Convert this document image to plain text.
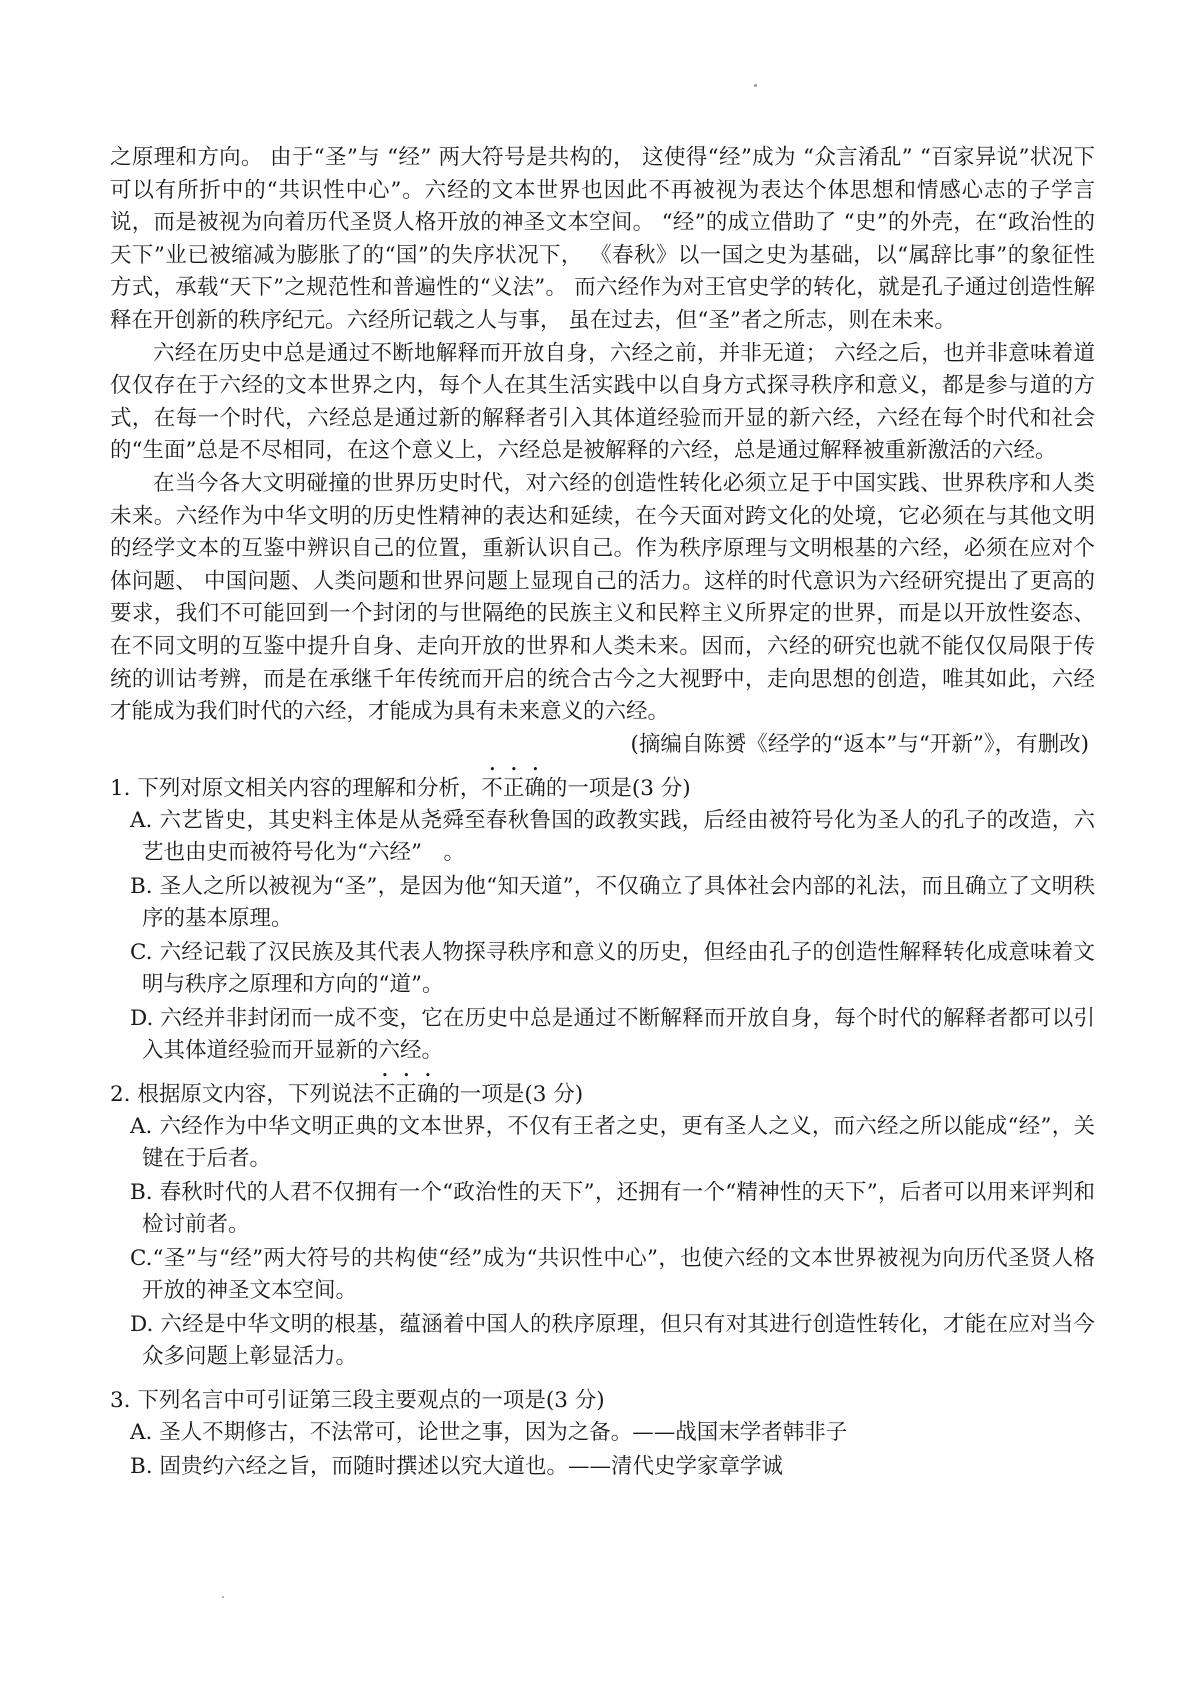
之原理和方向。 由于“圣”与 “经” 两大符号是共构的， 这使得“经”成为 “众言淆乱” “百家异说”状况下可以有所折中的“共识性中心”。六经的文本世界也因此不再被视为表达个体思想和情感心志的子学言说，而是被视为向着历代圣贤人格开放的神圣文本空间。 “经”的成立借助了 “史”的外壳，在“政治性的天下”业已被缩减为膨胀了的“国”的失序状况下， 《春秋》以一国之史为基础，以“属辞比事”的象征性方式，承载“天下”之规范性和普遍性的“义法”。 而六经作为对王官史学的转化，就是孔子通过创造性解释在开创新的秩序纪元。六经所记载之人与事， 虽在过去，但“圣”者之所志，则在未来。

六经在历史中总是通过不断地解释而开放自身，六经之前，并非无道； 六经之后，也并非意味着道仅仅存在于六经的文本世界之内，每个人在其生活实践中以自身方式探寻秩序和意义，都是参与道的方式，在每一个时代，六经总是通过新的解释者引入其体道经验而开显的新六经，六经在每个时代和社会的“生面”总是不尽相同，在这个意义上，六经总是被解释的六经，总是通过解释被重新激活的六经。

在当今各大文明碰撞的世界历史时代，对六经的创造性转化必须立足于中国实践、世界秩序和人类未来。六经作为中华文明的历史性精神的表达和延续，在今天面对跨文化的处境，它必须在与其他文明的经学文本的互鉴中辨识自己的位置，重新认识自己。作为秩序原理与文明根基的六经，必须在应对个体问题、 中国问题、人类问题和世界问题上显现自己的活力。这样的时代意识为六经研究提出了更高的要求，我们不可能回到一个封闭的与世隔绝的民族主义和民粹主义所界定的世界，而是以开放性姿态、在不同文明的互鉴中提升自身、走向开放的世界和人类未来。因而，六经的研究也就不能仅仅局限于传统的训诂考辨，而是在承继千年传统而开启的统合古今之大视野中，走向思想的创造，唯其如此，六经才能成为我们时代的六经，才能成为具有未来意义的六经。

(摘编自陈赟《经学的“返本”与“开新”》，有删改)

1. 下列对原文相关内容的理解和分析，不正确的一项是(3 分)

A. 六艺皆史，其史料主体是从尧舜至春秋鲁国的政教实践，后经由被符号化为圣人的孔子的改造，六艺也由史而被符号化为“六经”　。

B. 圣人之所以被视为“圣”，是因为他“知天道”，不仅确立了具体社会内部的礼法，而且确立了文明秩序的基本原理。

C. 六经记载了汉民族及其代表人物探寻秩序和意义的历史，但经由孔子的创造性解释转化成意味着文明与秩序之原理和方向的“道”。

D. 六经并非封闭而一成不变，它在历史中总是通过不断解释而开放自身，每个时代的解释者都可以引入其体道经验而开显新的六经。

2. 根据原文内容，下列说法不正确的一项是(3 分)

A. 六经作为中华文明正典的文本世界，不仅有王者之史，更有圣人之义，而六经之所以能成“经”，关键在于后者。

B. 春秋时代的人君不仅拥有一个“政治性的天下”，还拥有一个“精神性的天下”，后者可以用来评判和检讨前者。

C.“圣”与“经”两大符号的共构使“经”成为“共识性中心”，也使六经的文本世界被视为向历代圣贤人格开放的神圣文本空间。

D. 六经是中华文明的根基，蕴涵着中国人的秩序原理，但只有对其进行创造性转化，才能在应对当今众多问题上彰显活力。

3. 下列名言中可引证第三段主要观点的一项是(3 分)

A. 圣人不期修古，不法常可，论世之事，因为之备。——战国末学者韩非子

B. 固贵约六经之旨，而随时撰述以究大道也。——清代史学家章学诚
